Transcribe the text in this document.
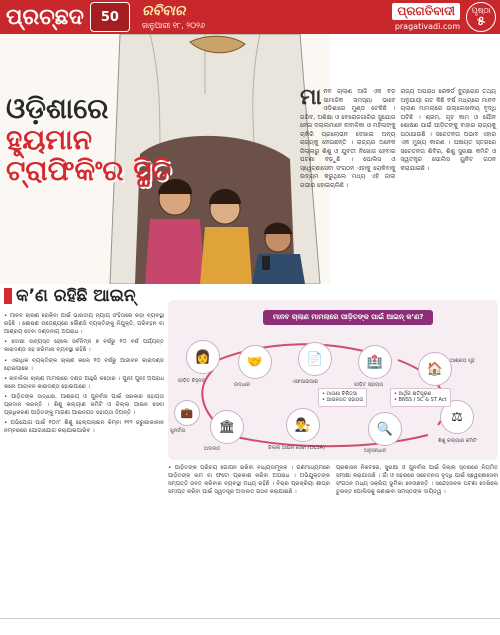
ପ୍ରଚ୍ଛଦ	50	ରବିବାର
ଜାନୁଆରୀ ୧୮, ୨୦୨୬
ପ୍ରଗତିବାଦୀ
pragativadi.com
ପୃଷ୍ଠା
୫
ଓଡ଼ିଶାରେ
ହ୍ୟୁମାନ
ଟ୍ରାଫିକିଂର ସ୍ଥିତି
ମା ନବ ଚାଲାଣ ଆଜି ଏକ ବଡ଼ ସାମାଜିକ ସମସ୍ୟା ଭାବେ ଓଡ଼ିଶାରେ ମୁଣ୍ଡ ଟେକିଛି । ଗରିବ, ଅଶିକ୍ଷା ଓ ବେରୋଜଗାରିର ସୁଯୋଗ ନେଇ ଦଲାଲମାନେ ନାବାଳିକା ଓ ମହିଳାଙ୍କୁ ଚାକିରି ପ୍ରଲୋଭନ ଦେଖାଇ ଅନ୍ୟ ରାଜ୍ୟକୁ ନେଉଛନ୍ତି । ରାଜ୍ୟର ଅନେକ ଜିଲ୍ଲାରୁ ଶିଶୁ ଓ ଯୁବତୀ ନିଖୋଜ ହେବାର ଘଟଣା ବଢ଼ୁଛି । ପୋଲିସ ଓ ସ୍ୱେଚ୍ଛାସେବୀ ସଂଗଠନ ଏହାକୁ ରୋକିବାକୁ ଉଦ୍ୟମ କରୁଥିଲେ ମଧ୍ୟ ଏହି ଜାଲ ଗଭୀର ହୋଇଚାଲିଛି ।
ରାଜ୍ୟ ଅପରାଧ ରେକର୍ଡ ବ୍ୟୁରୋର ତଥ୍ୟ ଅନୁଯାୟୀ ଗତ କିଛି ବର୍ଷ ମଧ୍ୟରେ ମାନବ ଚାଲାଣ ମାମଲାରେ ଉଲ୍ଲେଖନୀୟ ବୃଦ୍ଧି ଘଟିଛି । ଶ୍ରମ, ଗୃହ କାମ ଓ ଯୌନ ଶୋଷଣ ପାଇଁ ପୀଡ଼ିତଙ୍କୁ ବାହାର ରାଜ୍ୟକୁ ପଠାଯାଉଛି । ସଚେତନତା ଅଭାବ ଏହାର ଏକ ମୁଖ୍ୟ କାରଣ । ପଞ୍ଚାୟତ ସ୍ତରରେ ସଚେତନତା ଶିବିର, ଶିଶୁ ସୁରକ୍ଷା କମିଟି ଓ ସ୍ୱତନ୍ତ୍ର ପୋଲିସ ୟୁନିଟ ଗଠନ କରାଯାଇଛି ।
କ’ଣ ରହିଛି ଆଇନ୍

• ମାନବ ଚାଲାଣ ରୋକିବା ପାଇଁ ଭାରତୀୟ ନ୍ୟାୟ ସଂହିତାରେ କଡ଼ା ବ୍ୟବସ୍ଥା ରହିଛି । ଶୋଷଣ ଉଦ୍ଦେଶ୍ୟରେ କୌଣସି ବ୍ୟକ୍ତିଙ୍କୁ ନିଯୁକ୍ତି, ପରିବହନ ବା ଆଶ୍ରୟ ଦେବା ଦଣ୍ଡନୀୟ ଅପରାଧ ।

• ଦୋଷୀ ସାବ୍ୟସ୍ତ ହେଲେ ସର୍ବନିମ୍ନ ୭ ବର୍ଷରୁ ୧୦ ବର୍ଷ ପର୍ଯ୍ୟନ୍ତ କାରାଦଣ୍ଡ ସହ ଜରିମାନା ବ୍ୟବସ୍ଥା ରହିଛି ।

• ଏକାଧିକ ବ୍ୟକ୍ତିଙ୍କ ଚାଲାଣ କଲେ ୧୦ ବର୍ଷରୁ ଆଜୀବନ କାରାଦଣ୍ଡ ହୋଇପାରେ ।

• ନାବାଳିକା ଚାଲାଣ ମାମଲାରେ ଦଣ୍ଡ ଆହୁରି କଠୋର । ପୁନଃ ପୁନଃ ଅପରାଧ କଲେ ଆଜୀବନ କାରାଦଣ୍ଡ ହୋଇପାରେ ।

• ପୀଡ଼ିତଙ୍କ ଉଦ୍ଧାର, ଆଶ୍ରୟ ଓ ପୁନର୍ବାସ ପାଇଁ ସରକାର ସହାୟତା ପ୍ରଦାନ କରନ୍ତି । ଶିଶୁ କଲ୍ୟାଣ କମିଟି ଓ ଜିଲ୍ଲା ଆଇନ ସେବା ପ୍ରାଧିକରଣ ପୀଡ଼ିତଙ୍କୁ ମାଗଣା ଆଇନଗତ ସହାୟତା ଦିଅନ୍ତି ।

• ଅଭିଯୋଗ ପାଇଁ ୧୦୯୮ ଶିଶୁ ହେଲ୍ପଲାଇନ କିମ୍ବା ୧୧୨ ଜରୁରୀକାଳୀନ ନମ୍ବରରେ ଯୋଗାଯୋଗ କରାଯାଇପାରିବ ।

ମାନବ ଚାଲାଣ ମାମଲାରେ ପୀଡ଼ିତଙ୍କ ପାଇଁ ଆଇନ୍ କ’ଣ?
👩
ପୀଡ଼ିତ ଚିହ୍ନଟ
🤝
ଉଦ୍ଧାର
📄
ଏଫଆଇଆର
🏥
ପୀଡ଼ିତ ସହାୟତା
🏠
ଆଶ୍ରୟ ଗୃହ
⚖
ଶିଶୁ କଲ୍ୟାଣ କମିଟି
👨‍⚖️
ଜିଲ୍ଲା ଆଇନ ସେବା (DLSA)
🔍
ଅନୁସନ୍ଧାନ
🏛
ଅଦାଲତ
💼
ପୁନର୍ବାସ
• ମାଗଣା ଚିକିତ୍ସା
• ଆଇନଗତ ସହାୟତା
• ଆର୍ଥିକ କ୍ଷତିପୂରଣ
• BNSS / SC & ST Act
• ପୀଡ଼ିତଙ୍କ ପରିଚୟ ଗୋପନ ରଖିବା ବାଧ୍ୟତାମୂଳକ । ଗଣମାଧ୍ୟମରେ ପୀଡ଼ିତଙ୍କ ନାମ ବା ଫଟୋ ପ୍ରକାଶ କରିବା ଅପରାଧ । ଅଭିଯୁକ୍ତଙ୍କ ସମ୍ପତ୍ତି ଜବତ କରିବାର ବ୍ୟବସ୍ଥା ମଧ୍ୟ ରହିଛି । ବିଚାର ପ୍ରକ୍ରିୟା ଶୀଘ୍ର ସମାପ୍ତ କରିବା ପାଇଁ ସ୍ୱତନ୍ତ୍ର ଅଦାଲତ ଗଠନ କରାଯାଇଛି ।
ପ୍ରଶାସନ ନିକଟରେ, ସୁରକ୍ଷା ଓ ପୁନର୍ବାସ ପାଇଁ ଜିଲ୍ଲା ସ୍ତରରେ ନିୟମିତ ସମୀକ୍ଷା କରାଯାଉଛି । ଗାଁ ଓ ସହରରେ ସଚେତନତା ବୃଦ୍ଧି ପାଇଁ ସ୍ୱେଚ୍ଛାସେବୀ ସଂଗଠନ ମଧ୍ୟ ସକ୍ରିୟ ଭୂମିକା ନେଉଛନ୍ତି । ସନ୍ଦେହଜନକ ଘଟଣା ଦେଖିଲେ ତୁରନ୍ତ ପୋଲିସକୁ ଜଣାଇବା ସମସ୍ତଙ୍କ ଦାୟିତ୍ୱ ।
